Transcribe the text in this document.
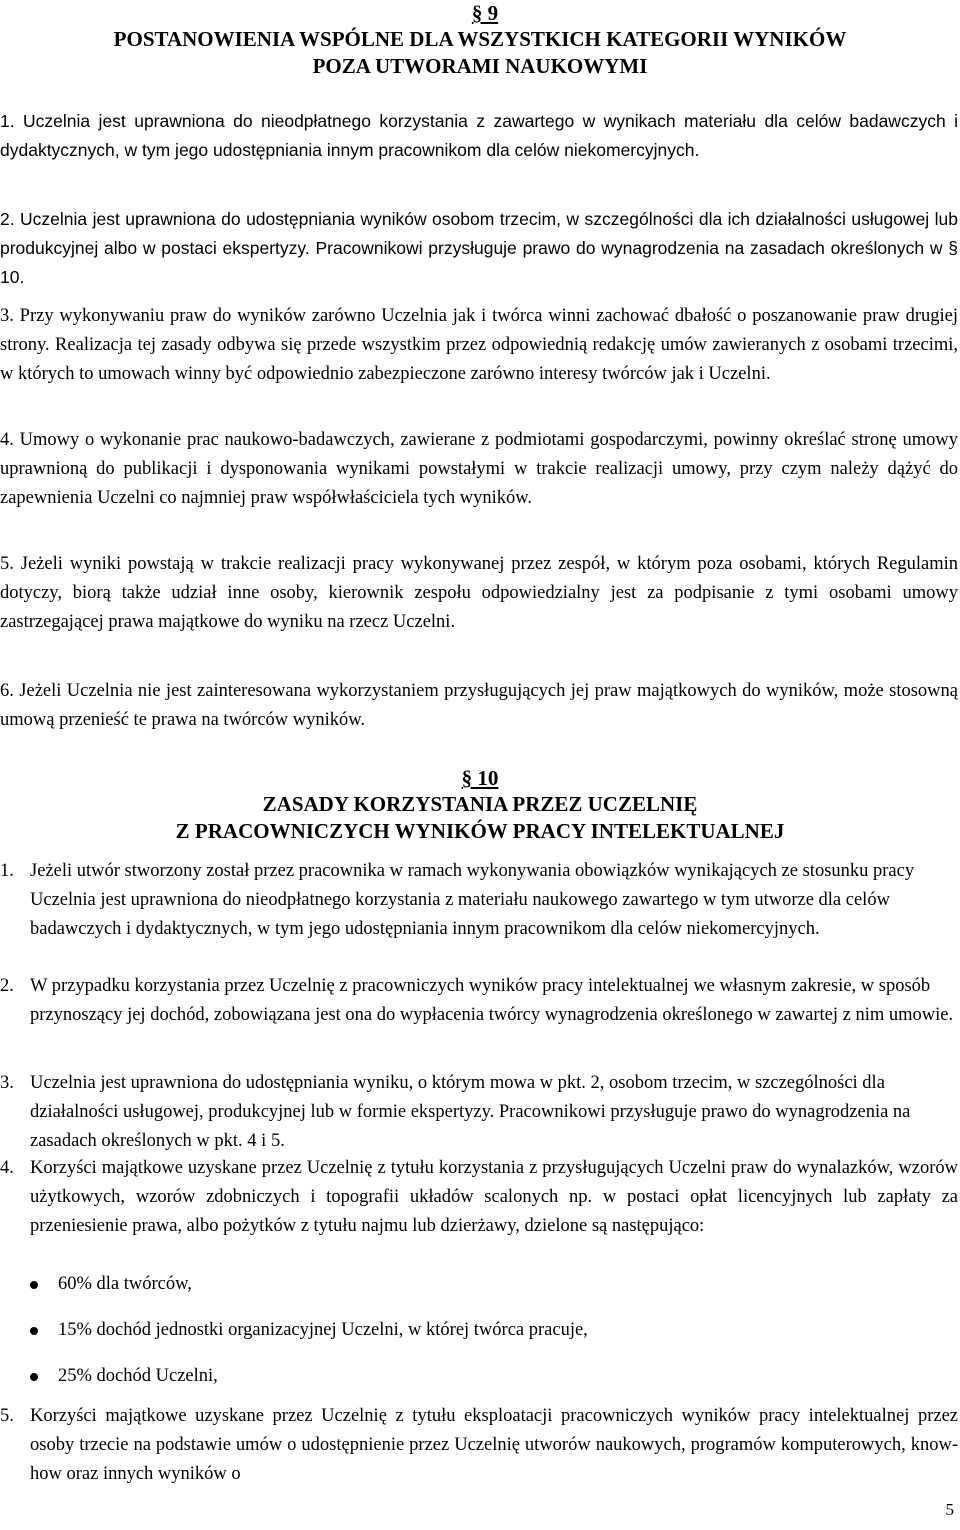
§ 9
POSTANOWIENIA WSPÓLNE DLA WSZYSTKICH KATEGORII WYNIKÓW
POZA UTWORAMI NAUKOWYMI
1. Uczelnia jest uprawniona do nieodpłatnego korzystania z zawartego w wynikach materiału dla celów badawczych i dydaktycznych, w tym jego udostępniania innym pracownikom dla celów niekomercyjnych.
2. Uczelnia jest uprawniona do udostępniania wyników osobom trzecim, w szczególności dla ich działalności usługowej lub produkcyjnej albo w postaci ekspertyzy. Pracownikowi przysługuje prawo do wynagrodzenia na zasadach określonych w § 10.
3. Przy wykonywaniu praw do wyników zarówno Uczelnia jak i twórca winni zachować dbałość o poszanowanie praw drugiej strony. Realizacja tej zasady odbywa się przede wszystkim przez odpowiednią redakcję umów zawieranych z osobami trzecimi, w których to umowach winny być odpowiednio zabezpieczone zarówno interesy twórców jak i Uczelni.
4. Umowy o wykonanie prac naukowo-badawczych, zawierane z podmiotami gospodarczymi, powinny określać stronę umowy uprawnioną do publikacji i dysponowania wynikami powstałymi w trakcie realizacji umowy, przy czym należy dążyć do zapewnienia Uczelni co najmniej praw współwłaściciela tych wyników.
5. Jeżeli wyniki powstają w trakcie realizacji pracy wykonywanej przez zespół, w którym poza osobami, których Regulamin dotyczy, biorą także udział inne osoby, kierownik zespołu odpowiedzialny jest za podpisanie z tymi osobami umowy zastrzegającej prawa majątkowe do wyniku na rzecz Uczelni.
6. Jeżeli Uczelnia nie jest zainteresowana wykorzystaniem przysługujących jej praw majątkowych do wyników, może stosowną umową przenieść te prawa na twórców wyników.
§ 10
ZASADY KORZYSTANIA PRZEZ UCZELNIĘ
Z PRACOWNICZYCH WYNIKÓW PRACY INTELEKTUALNEJ
1. Jeżeli utwór stworzony został przez pracownika w ramach wykonywania obowiązków wynikających ze stosunku pracy Uczelnia jest uprawniona do nieodpłatnego korzystania z materiału naukowego zawartego w tym utworze dla celów badawczych i dydaktycznych, w tym jego udostępniania innym pracownikom dla celów niekomercyjnych.
2. W przypadku korzystania przez Uczelnię z pracowniczych wyników pracy intelektualnej we własnym zakresie, w sposób przynoszący jej dochód, zobowiązana jest ona do wypłacenia twórcy wynagrodzenia określonego w zawartej z nim umowie.
3. Uczelnia jest uprawniona do udostępniania wyniku, o którym mowa w pkt. 2, osobom trzecim, w szczególności dla działalności usługowej, produkcyjnej lub w formie ekspertyzy. Pracownikowi przysługuje prawo do wynagrodzenia na zasadach określonych w pkt. 4 i 5.
4. Korzyści majątkowe uzyskane przez Uczelnię z tytułu korzystania z przysługujących Uczelni praw do wynalazków, wzorów użytkowych, wzorów zdobniczych i topografii układów scalonych np. w postaci opłat licencyjnych lub zapłaty za przeniesienie prawa, albo pożytków z tytułu najmu lub dzierżawy, dzielone są następująco:
60% dla twórców,
15% dochód jednostki organizacyjnej Uczelni, w której twórca pracuje,
25% dochód Uczelni,
5. Korzyści majątkowe uzyskane przez Uczelnię z tytułu eksploatacji pracowniczych wyników pracy intelektualnej przez osoby trzecie na podstawie umów o udostępnienie przez Uczelnię utworów naukowych, programów komputerowych, know-how oraz innych wyników o
5
